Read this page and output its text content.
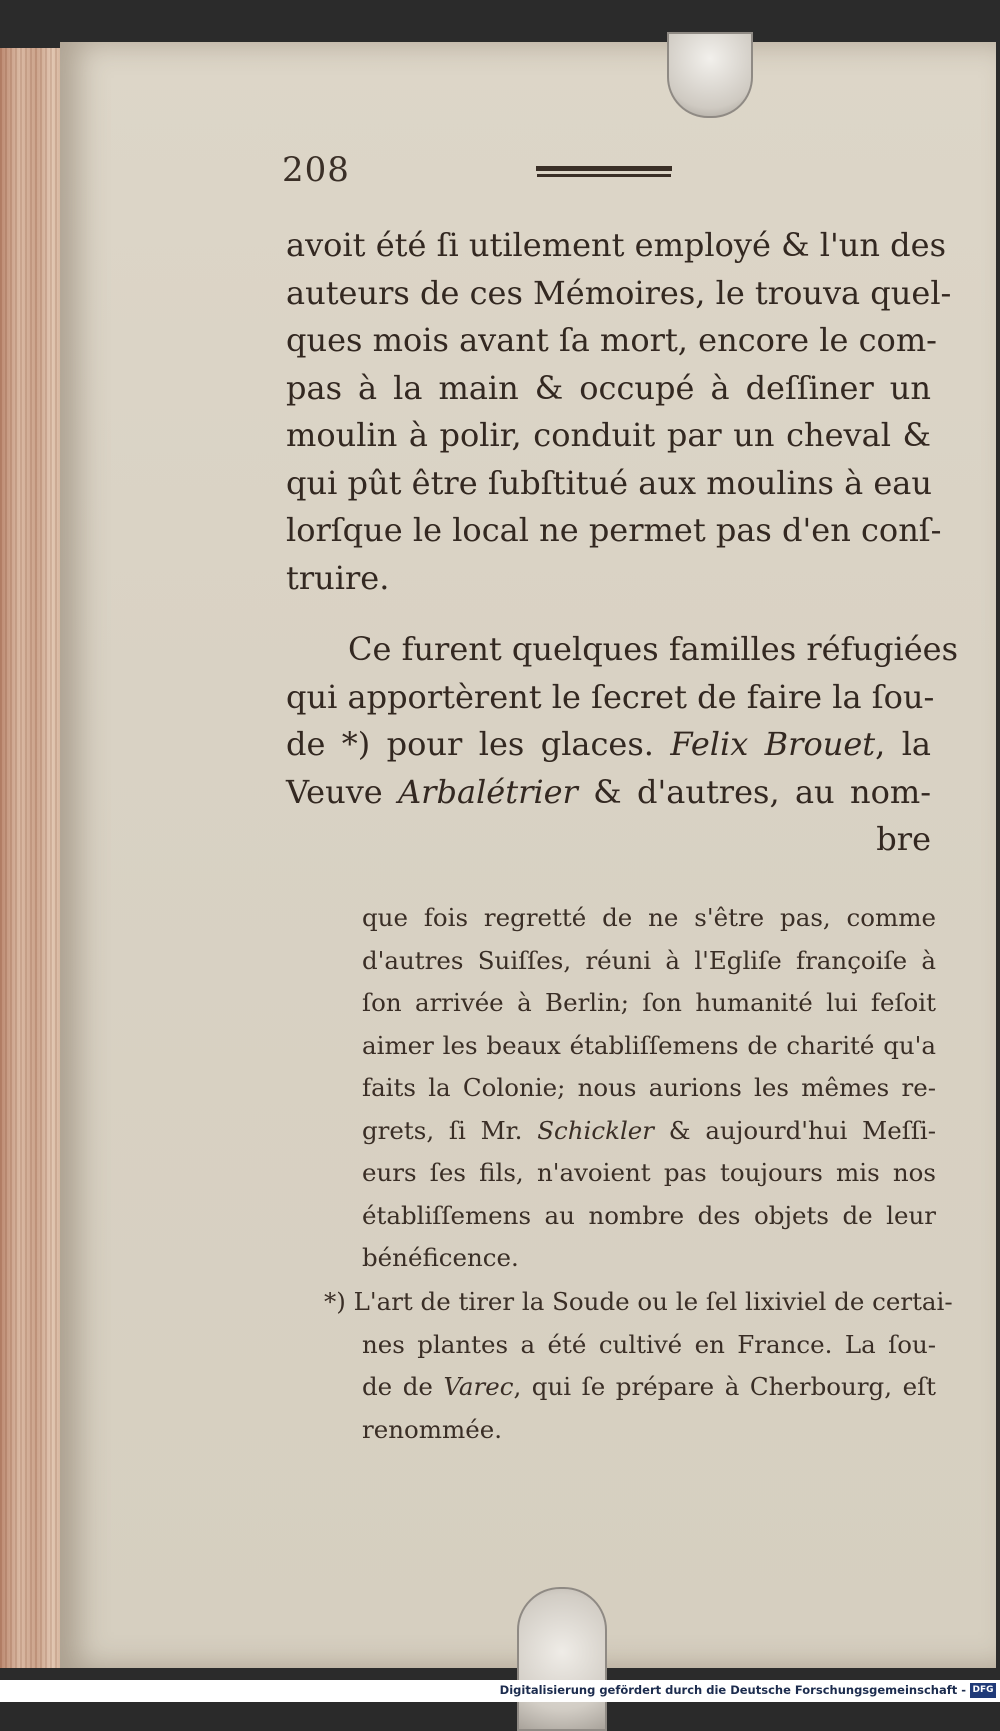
208

avoit été ſi utilement employé & l'un des
auteurs de ces Mémoires, le trouva quel-
ques mois avant ſa mort, encore le com-
pas à la main & occupé à deſſiner un
moulin à polir, conduit par un cheval &
qui pût être ſubſtitué aux moulins à eau
lorſque le local ne permet pas d'en conſ-
truire.

Ce furent quelques familles réfugiées
qui apportèrent le ſecret de faire la ſou-
de *) pour les glaces. Felix Brouet, la
Veuve Arbalétrier & d'autres, au nom-
bre

que fois regretté de ne s'être pas, comme
d'autres Suiſſes, réuni à l'Egliſe françoiſe à
ſon arrivée à Berlin; ſon humanité lui feſoit
aimer les beaux établiſſemens de charité qu'a
faits la Colonie; nous aurions les mêmes re-
grets, ſi Mr. Schickler & aujourd'hui Meſſi-
eurs ſes fils, n'avoient pas toujours mis nos
établiſſemens au nombre des objets de leur
bénéficence.
*) L'art de tirer la Soude ou le ſel lixiviel de certai-
nes plantes a été cultivé en France. La ſou-
de de Varec, qui ſe prépare à Cherbourg, eſt
renommée.
Digitalisierung gefördert durch die Deutsche Forschungsgemeinschaft - DFG
